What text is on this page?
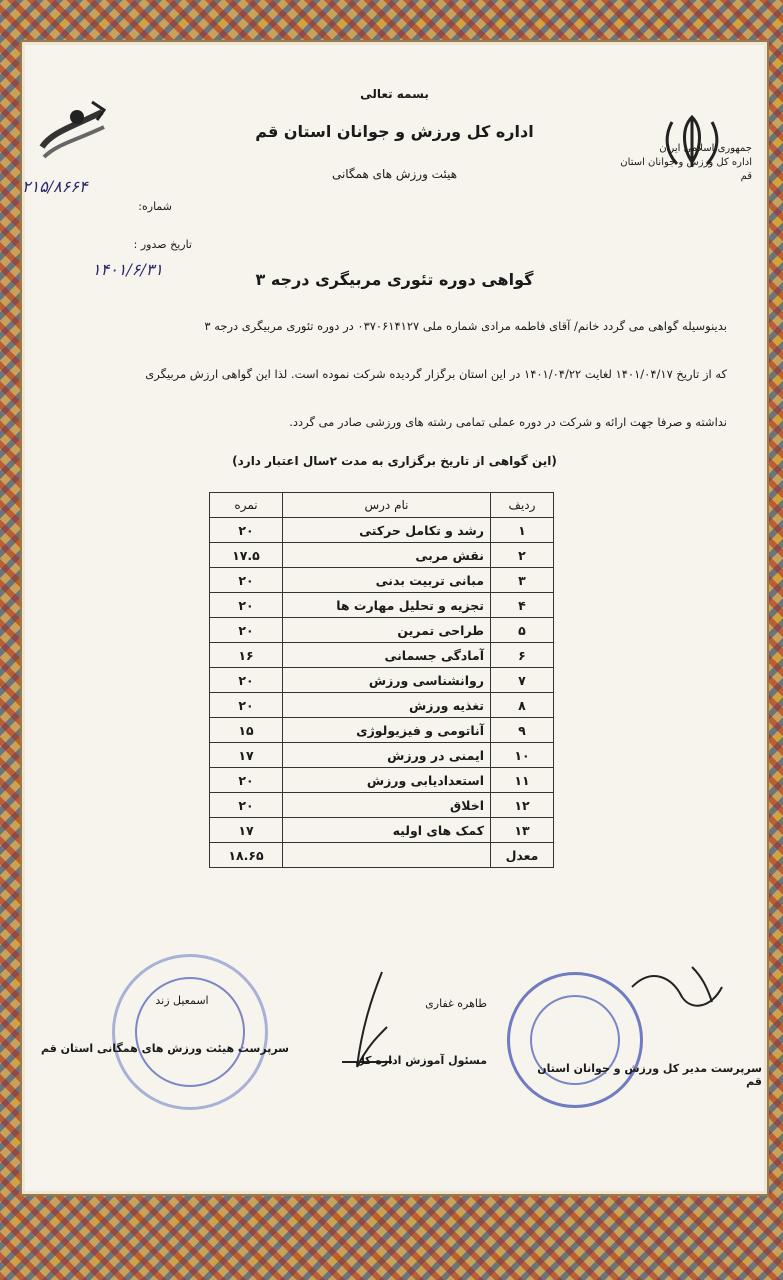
جمهوری اسلامی ایران
اداره کل ورزش و جوانان استان قم
بسمه تعالی
اداره کل ورزش و جوانان استان قم
هیئت ورزش های همگانی
۲۱۵/۸۶۶۴
شماره:
تاریخ صدور :
۱۴۰۱/۶/۳۱
گواهی دوره تئوری مربیگری درجه ۳
بدینوسیله گواهی می گردد خانم/ آقای فاطمه مرادی شماره ملی ۰۳۷۰۶۱۴۱۲۷ در دوره تئوری مربیگری درجه ۳
که از تاریخ ۱۴۰۱/۰۴/۱۷ لغایت ۱۴۰۱/۰۴/۲۲ در این استان برگزار گردیده شرکت نموده است. لذا این گواهی ارزش مربیگری
نداشته و صرفا جهت ارائه و شرکت در دوره عملی تمامی رشته های ورزشی صادر می گردد.
(این گواهی از تاریخ برگزاری به مدت ۲سال اعتبار دارد)
ردیف	نام درس	نمره
۱	رشد و تکامل حرکتی	۲۰
۲	نقش مربی	۱۷.۵
۳	مبانی تربیت بدنی	۲۰
۴	تجزیه و تحلیل مهارت ها	۲۰
۵	طراحی تمرین	۲۰
۶	آمادگی جسمانی	۱۶
۷	روانشناسی ورزش	۲۰
۸	تغذیه ورزش	۲۰
۹	آناتومی و فیزیولوژی	۱۵
۱۰	ایمنی در ورزش	۱۷
۱۱	استعدادیابی ورزش	۲۰
۱۲	اخلاق	۲۰
۱۳	کمک های اولیه	۱۷
معدل		۱۸.۶۵
اسمعیل زند
سرپرست هیئت ورزش های همگانی استان قم
طاهره غفاری
مسئول آموزش اداره کل
سرپرست مدیر کل ورزش و جوانان استان قم
